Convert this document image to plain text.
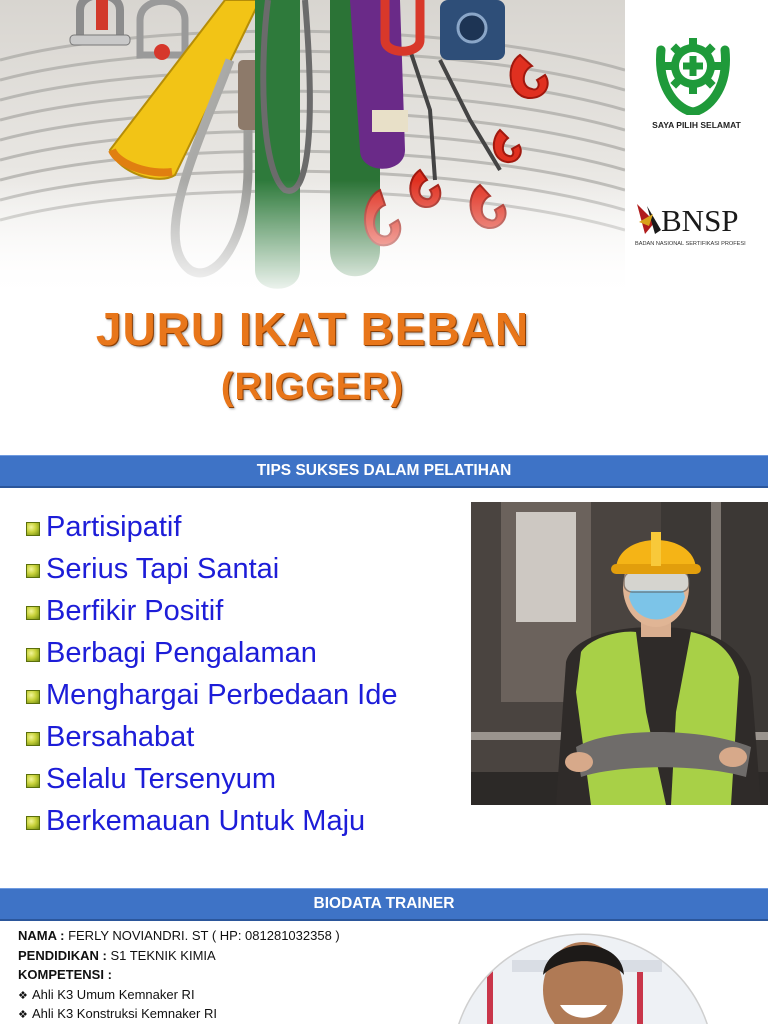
SAYA PILIH SELAMAT
BNSP
BADAN NASIONAL SERTIFIKASI PROFESI
JURU IKAT BEBAN
(RIGGER)
TIPS SUKSES DALAM PELATIHAN
Partisipatif
Serius Tapi Santai
Berfikir Positif
Berbagi Pengalaman
Menghargai Perbedaan Ide
Bersahabat
Selalu Tersenyum
Berkemauan Untuk Maju
BIODATA TRAINER
NAMA : FERLY NOVIANDRI. ST ( HP: 081281032358 )
PENDIDIKAN : S1 TEKNIK KIMIA
KOMPETENSI :
❖ Ahli K3 Umum Kemnaker RI
❖ Ahli K3 Konstruksi Kemnaker RI
